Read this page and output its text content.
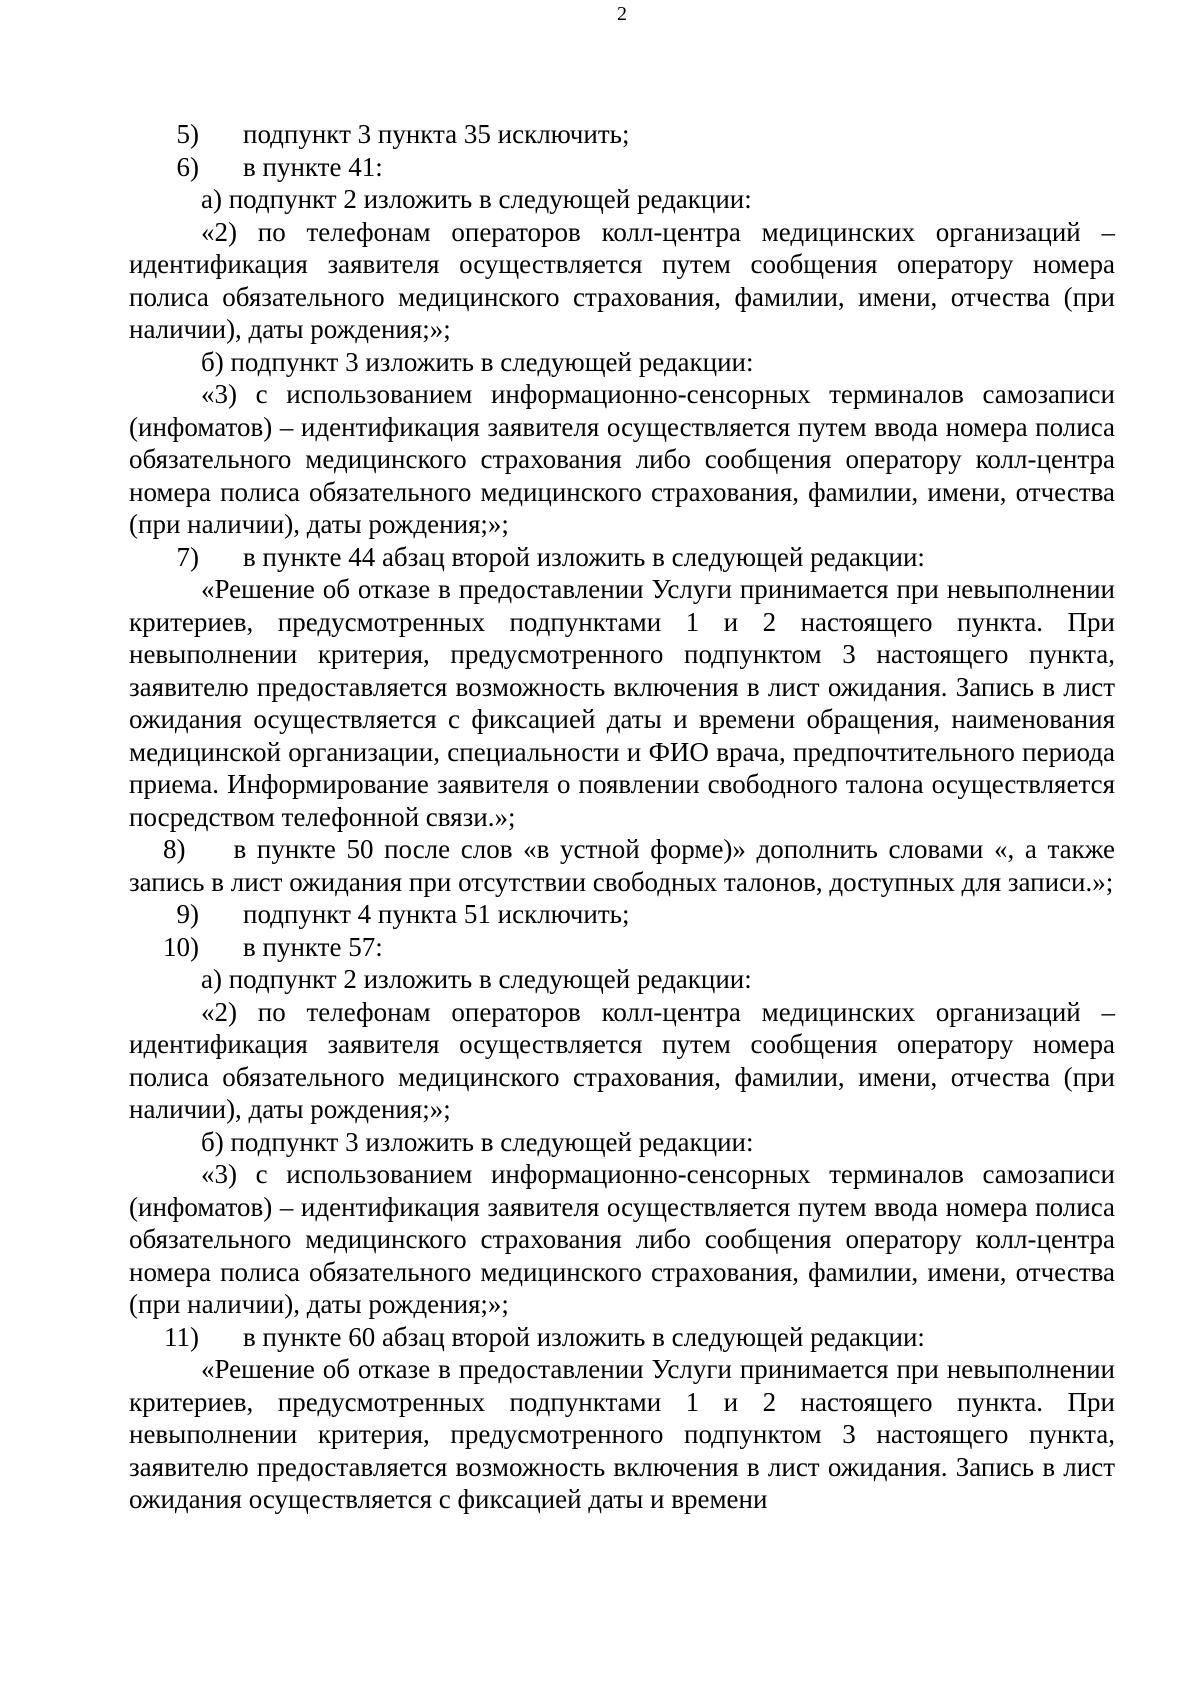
2

5) подпункт 3 пункта 35 исключить;

6) в пункте 41:

а) подпункт 2 изложить в следующей редакции:

«2) по телефонам операторов колл-центра медицинских организаций – идентификация заявителя осуществляется путем сообщения оператору номера полиса обязательного медицинского страхования, фамилии, имени, отчества (при наличии), даты рождения;»;

б) подпункт 3 изложить в следующей редакции:

«3) с использованием информационно-сенсорных терминалов самозаписи (инфоматов) – идентификация заявителя осуществляется путем ввода номера полиса обязательного медицинского страхования либо сообщения оператору колл-центра номера полиса обязательного медицинского страхования, фамилии, имени, отчества (при наличии), даты рождения;»;

7) в пункте 44 абзац второй изложить в следующей редакции:

«Решение об отказе в предоставлении Услуги принимается при невыполнении критериев, предусмотренных подпунктами 1 и 2 настоящего пункта. При невыполнении критерия, предусмотренного подпунктом 3 настоящего пункта, заявителю предоставляется возможность включения в лист ожидания. Запись в лист ожидания осуществляется с фиксацией даты и времени обращения, наименования медицинской организации, специальности и ФИО врача, предпочтительного периода приема. Информирование заявителя о появлении свободного талона осуществляется посредством телефонной связи.»;

8) в пункте 50 после слов «в устной форме)» дополнить словами «, а также запись в лист ожидания при отсутствии свободных талонов, доступных для записи.»;

9) подпункт 4 пункта 51 исключить;

10) в пункте 57:

а) подпункт 2 изложить в следующей редакции:

«2) по телефонам операторов колл-центра медицинских организаций – идентификация заявителя осуществляется путем сообщения оператору номера полиса обязательного медицинского страхования, фамилии, имени, отчества (при наличии), даты рождения;»;

б) подпункт 3 изложить в следующей редакции:

«3) с использованием информационно-сенсорных терминалов самозаписи (инфоматов) – идентификация заявителя осуществляется путем ввода номера полиса обязательного медицинского страхования либо сообщения оператору колл-центра номера полиса обязательного медицинского страхования, фамилии, имени, отчества (при наличии), даты рождения;»;

11) в пункте 60 абзац второй изложить в следующей редакции:

«Решение об отказе в предоставлении Услуги принимается при невыполнении критериев, предусмотренных подпунктами 1 и 2 настоящего пункта. При невыполнении критерия, предусмотренного подпунктом 3 настоящего пункта, заявителю предоставляется возможность включения в лист ожидания. Запись в лист ожидания осуществляется с фиксацией даты и времени
